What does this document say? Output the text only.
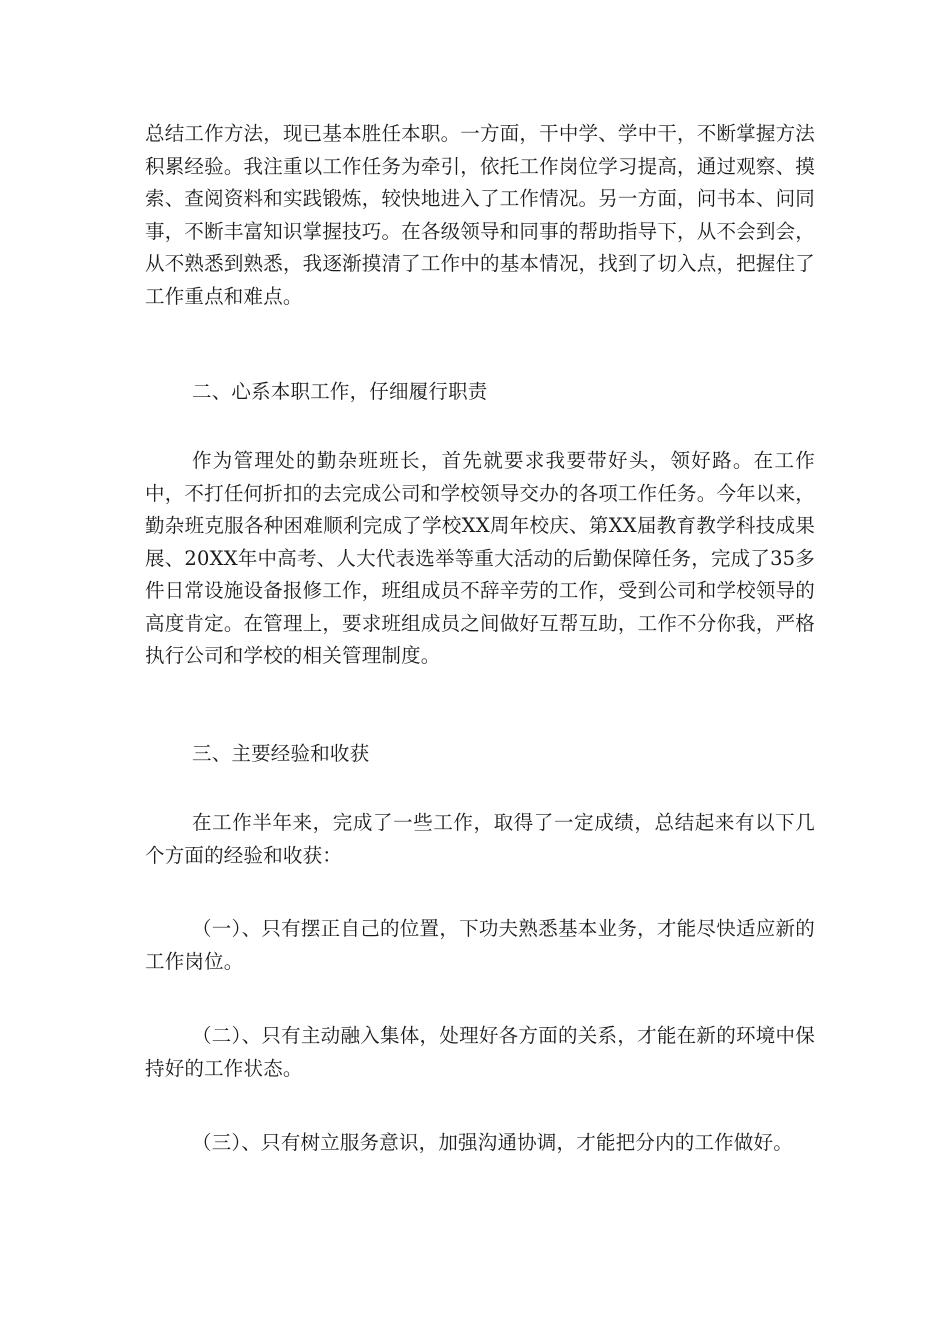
总结工作方法，现已基本胜任本职。一方面，干中学、学中干，不断掌握方法积累经验。我注重以工作任务为牵引，依托工作岗位学习提高，通过观察、摸索、查阅资料和实践锻炼，较快地进入了工作情况。另一方面，问书本、问同事，不断丰富知识掌握技巧。在各级领导和同事的帮助指导下，从不会到会，从不熟悉到熟悉，我逐渐摸清了工作中的基本情况，找到了切入点，把握住了工作重点和难点。

二、心系本职工作，仔细履行职责

作为管理处的勤杂班班长，首先就要求我要带好头，领好路。在工作中，不打任何折扣的去完成公司和学校领导交办的各项工作任务。今年以来，勤杂班克服各种困难顺利完成了学校XX周年校庆、第XX届教育教学科技成果展、20XX年中高考、人大代表选举等重大活动的后勤保障任务，完成了35多件日常设施设备报修工作，班组成员不辞辛劳的工作，受到公司和学校领导的高度肯定。在管理上，要求班组成员之间做好互帮互助，工作不分你我，严格执行公司和学校的相关管理制度。

三、主要经验和收获

在工作半年来，完成了一些工作，取得了一定成绩，总结起来有以下几个方面的经验和收获：

（一）、只有摆正自己的位置，下功夫熟悉基本业务，才能尽快适应新的工作岗位。

（二）、只有主动融入集体，处理好各方面的关系，才能在新的环境中保持好的工作状态。

（三）、只有树立服务意识，加强沟通协调，才能把分内的工作做好。
